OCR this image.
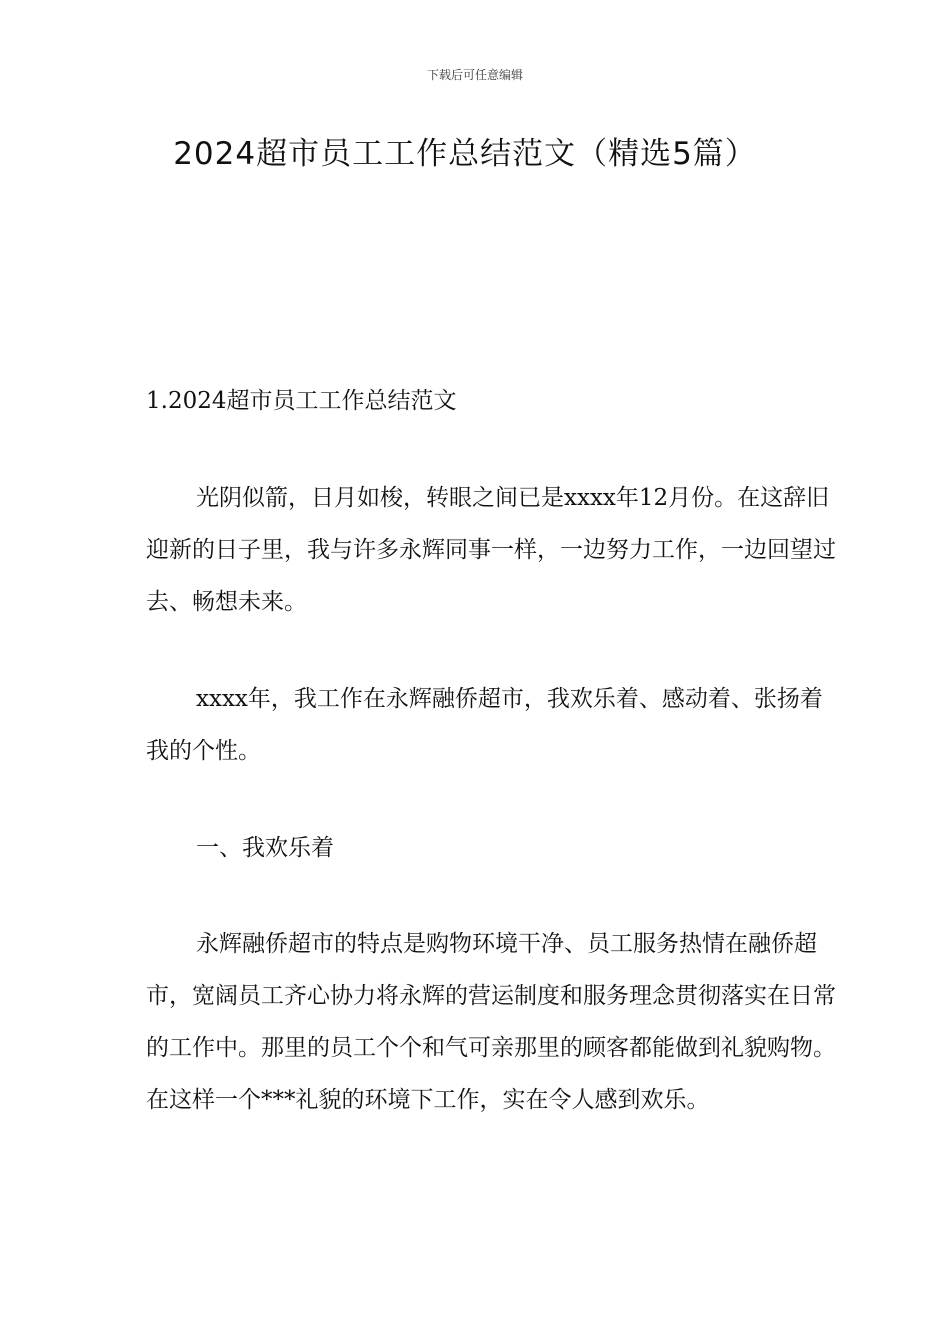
下载后可任意编辑
2024超市员工工作总结范文（精选5篇）
1.2024超市员工工作总结范文

光阴似箭，日月如梭，转眼之间已是xxxx年12月份。在这辞旧迎新的日子里，我与许多永辉同事一样，一边努力工作，一边回望过去、畅想未来。

xxxx年，我工作在永辉融侨超市，我欢乐着、感动着、张扬着我的个性。

一、我欢乐着

永辉融侨超市的特点是购物环境干净、员工服务热情在融侨超市，宽阔员工齐心协力将永辉的营运制度和服务理念贯彻落实在日常的工作中。那里的员工个个和气可亲那里的顾客都能做到礼貌购物。在这样一个***礼貌的环境下工作，实在令人感到欢乐。
